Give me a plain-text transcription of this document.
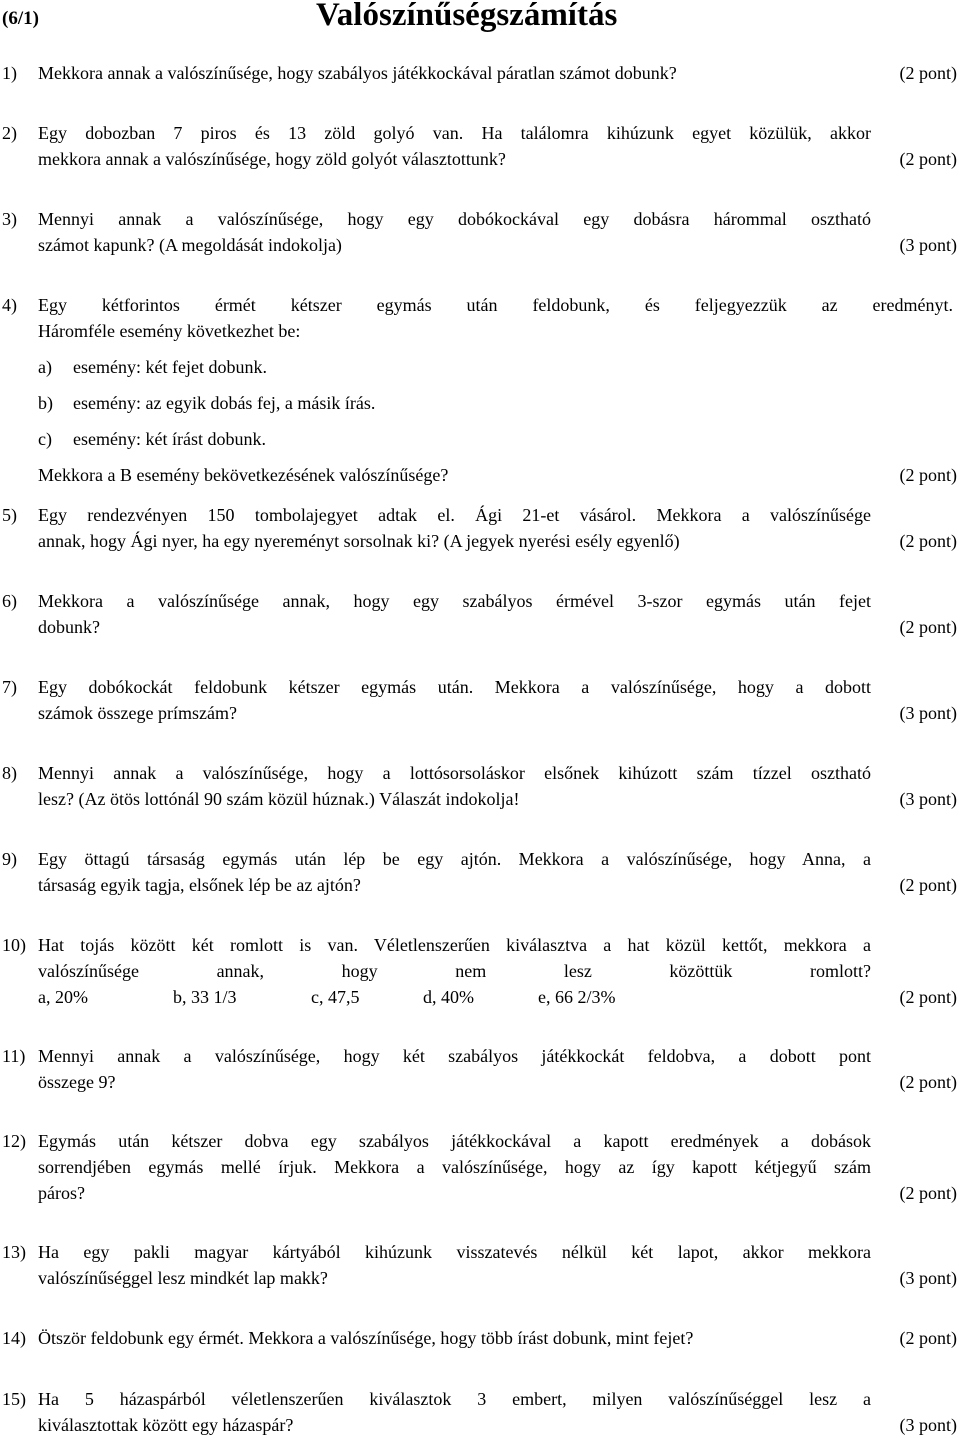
(6/1)	Valószínűségszámítás
1) Mekkora annak a valószínűsége, hogy szabályos játékkockával páratlan számot dobunk?	(2 pont)
2) Egy dobozban 7 piros és 13 zöld golyó van. Ha találomra kihúzunk egyet közülük, akkor
mekkora annak a valószínűsége, hogy zöld golyót választottunk?	(2 pont)
3) Mennyi annak a valószínűsége, hogy egy dobókockával egy dobásra hárommal osztható
számot kapunk? (A megoldását indokolja)	(3 pont)
4) Egy kétforintos érmét kétszer egymás után feldobunk, és feljegyezzük az eredményt.
Háromféle esemény következhet be:
a) esemény: két fejet dobunk.
b) esemény: az egyik dobás fej, a másik írás.
c) esemény: két írást dobunk.
Mekkora a B esemény bekövetkezésének valószínűsége?	(2 pont)
5) Egy rendezvényen 150 tombolajegyet adtak el. Ági 21-et vásárol. Mekkora a valószínűsége
annak, hogy Ági nyer, ha egy nyereményt sorsolnak ki? (A jegyek nyerési esély egyenlő)	(2 pont)
6) Mekkora a valószínűsége annak, hogy egy szabályos érmével 3-szor egymás után fejet
dobunk?	(2 pont)
7) Egy dobókockát feldobunk kétszer egymás után. Mekkora a valószínűsége, hogy a dobott
számok összege prímszám?	(3 pont)
8) Mennyi annak a valószínűsége, hogy a lottósorsoláskor elsőnek kihúzott szám tízzel osztható
lesz? (Az ötös lottónál 90 szám közül húznak.) Válaszát indokolja!	(3 pont)
9) Egy öttagú társaság egymás után lép be egy ajtón. Mekkora a valószínűsége, hogy Anna, a
társaság egyik tagja, elsőnek lép be az ajtón?	(2 pont)
10) Hat tojás között két romlott is van. Véletlenszerűen kiválasztva a hat közül kettőt, mekkora a
valószínűsége annak, hogy nem lesz közöttük romlott?
a, 20%	b, 33 1/3	c, 47,5	d, 40%	e, 66 2/3%	(2 pont)
11) Mennyi annak a valószínűsége, hogy két szabályos játékkockát feldobva, a dobott pont
összege 9?	(2 pont)
12) Egymás után kétszer dobva egy szabályos játékkockával a kapott eredmények a dobások
sorrendjében egymás mellé írjuk. Mekkora a valószínűsége, hogy az így kapott kétjegyű szám
páros?	(2 pont)
13) Ha egy pakli magyar kártyából kihúzunk visszatevés nélkül két lapot, akkor mekkora
valószínűséggel lesz mindkét lap makk?	(3 pont)
14) Ötször feldobunk egy érmét. Mekkora a valószínűsége, hogy több írást dobunk, mint fejet?	(2 pont)
15) Ha 5 házaspárból véletlenszerűen kiválasztok 3 embert, milyen valószínűséggel lesz a
kiválasztottak között egy házaspár?	(3 pont)
